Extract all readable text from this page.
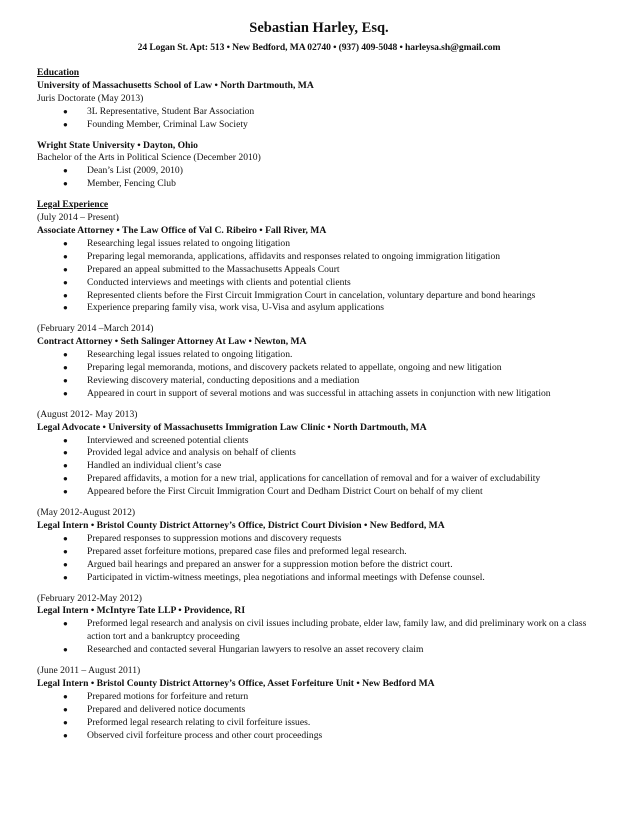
Sebastian Harley, Esq.
24 Logan St. Apt: 513 • New Bedford, MA 02740 • (937) 409-5048 • harleysa.sh@gmail.com
Education
University of Massachusetts School of Law • North Dartmouth, MA
Juris Doctorate (May 2013)
● 3L Representative, Student Bar Association
● Founding Member, Criminal Law Society
Wright State University • Dayton, Ohio
Bachelor of the Arts in Political Science (December 2010)
● Dean’s List (2009, 2010)
● Member, Fencing Club
Legal Experience
(July 2014 – Present)
Associate Attorney • The Law Office of Val C. Ribeiro • Fall River, MA
● Researching legal issues related to ongoing litigation
● Preparing legal memoranda, applications, affidavits and responses related to ongoing immigration litigation
● Prepared an appeal submitted to the Massachusetts Appeals Court
● Conducted interviews and meetings with clients and potential clients
● Represented clients before the First Circuit Immigration Court in cancelation, voluntary departure and bond hearings
● Experience preparing family visa, work visa, U-Visa and asylum applications
(February 2014 –March 2014)
Contract Attorney • Seth Salinger Attorney At Law • Newton, MA
● Researching legal issues related to ongoing litigation.
● Preparing legal memoranda, motions, and discovery packets related to appellate, ongoing and new litigation
● Reviewing discovery material, conducting depositions and a mediation
● Appeared in court in support of several motions and was successful in attaching assets in conjunction with new litigation
(August 2012- May 2013)
Legal Advocate • University of Massachusetts Immigration Law Clinic • North Dartmouth, MA
● Interviewed and screened potential clients
● Provided legal advice and analysis on behalf of clients
● Handled an individual client’s case
● Prepared affidavits, a motion for a new trial, applications for cancellation of removal and for a waiver of excludability
● Appeared before the First Circuit Immigration Court and Dedham District Court on behalf of my client
(May 2012-August 2012)
Legal Intern • Bristol County District Attorney’s Office, District Court Division • New Bedford, MA
● Prepared responses to suppression motions and discovery requests
● Prepared asset forfeiture motions, prepared case files and preformed legal research.
● Argued bail hearings and prepared an answer for a suppression motion before the district court.
● Participated in victim-witness meetings, plea negotiations and informal meetings with Defense counsel.
(February 2012-May 2012)
Legal Intern • McIntyre Tate LLP • Providence, RI
● Preformed legal research and analysis on civil issues including probate, elder law, family law, and did preliminary work on a class action tort and a bankruptcy proceeding
● Researched and contacted several Hungarian lawyers to resolve an asset recovery claim
(June 2011 – August 2011)
Legal Intern • Bristol County District Attorney’s Office, Asset Forfeiture Unit • New Bedford MA
● Prepared motions for forfeiture and return
● Prepared and delivered notice documents
● Preformed legal research relating to civil forfeiture issues.
● Observed civil forfeiture process and other court proceedings
